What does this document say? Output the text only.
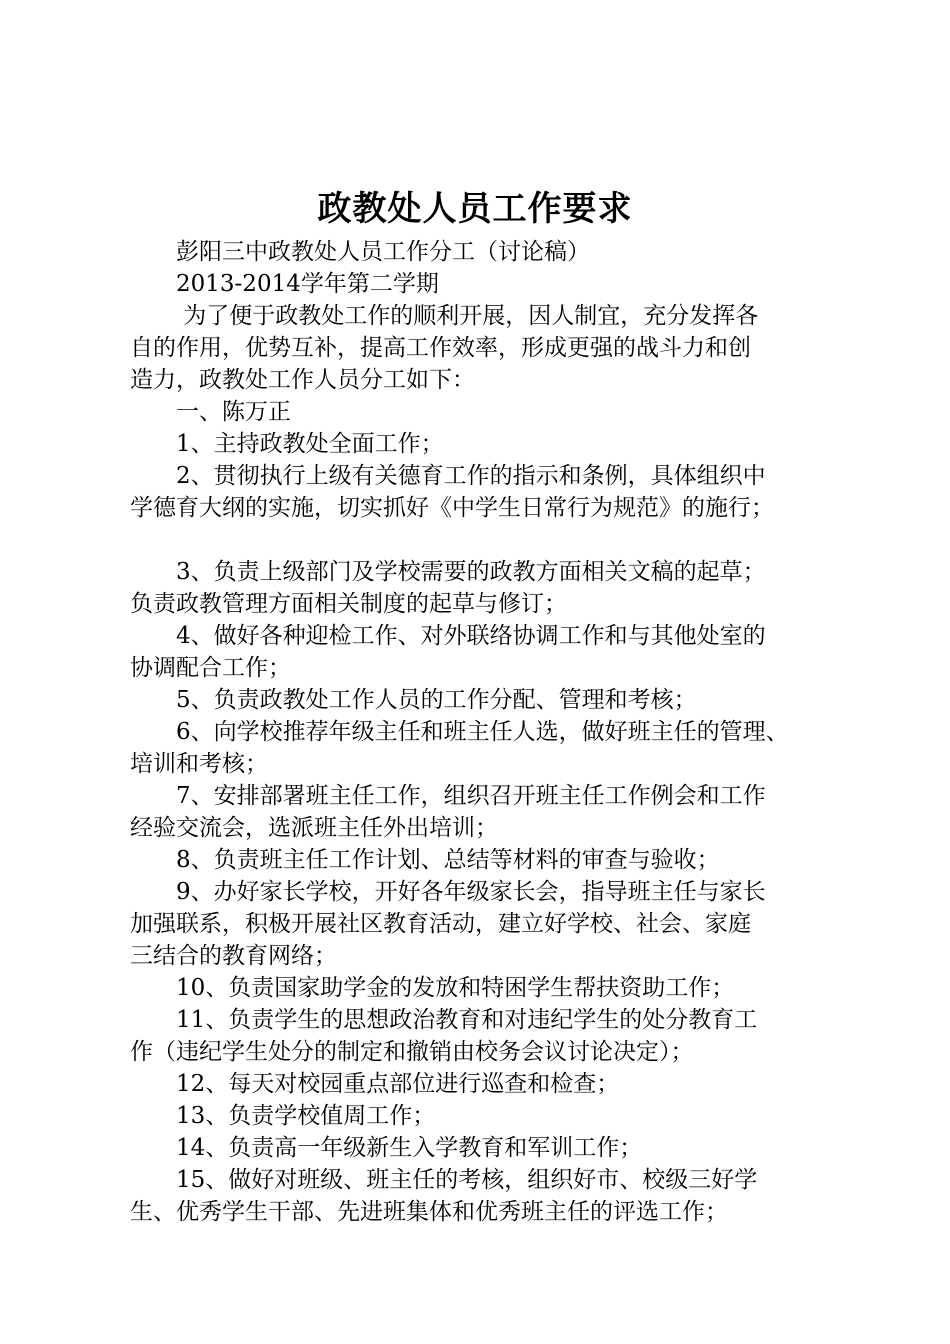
政教处人员工作要求
　　彭阳三中政教处人员工作分工（讨论稿）
　　2013-2014学年第二学期
　　 为了便于政教处工作的顺利开展，因人制宜，充分发挥各
自的作用，优势互补，提高工作效率，形成更强的战斗力和创
造力，政教处工作人员分工如下：
　　一、陈万正
　　1、主持政教处全面工作；
　　2、贯彻执行上级有关德育工作的指示和条例，具体组织中
学德育大纲的实施，切实抓好《中学生日常行为规范》的施行；
　　3、负责上级部门及学校需要的政教方面相关文稿的起草；
负责政教管理方面相关制度的起草与修订；
　　4、做好各种迎检工作、对外联络协调工作和与其他处室的
协调配合工作；
　　5、负责政教处工作人员的工作分配、管理和考核；
　　6、向学校推荐年级主任和班主任人选，做好班主任的管理、
培训和考核；
　　7、安排部署班主任工作，组织召开班主任工作例会和工作
经验交流会，选派班主任外出培训；
　　8、负责班主任工作计划、总结等材料的审查与验收；
　　9、办好家长学校，开好各年级家长会，指导班主任与家长
加强联系，积极开展社区教育活动，建立好学校、社会、家庭
三结合的教育网络；
　　10、负责国家助学金的发放和特困学生帮扶资助工作；
　　11、负责学生的思想政治教育和对违纪学生的处分教育工
作（违纪学生处分的制定和撤销由校务会议讨论决定）；
　　12、每天对校园重点部位进行巡查和检查；
　　13、负责学校值周工作；
　　14、负责高一年级新生入学教育和军训工作；
　　15、做好对班级、班主任的考核，组织好市、校级三好学
生、优秀学生干部、先进班集体和优秀班主任的评选工作；
